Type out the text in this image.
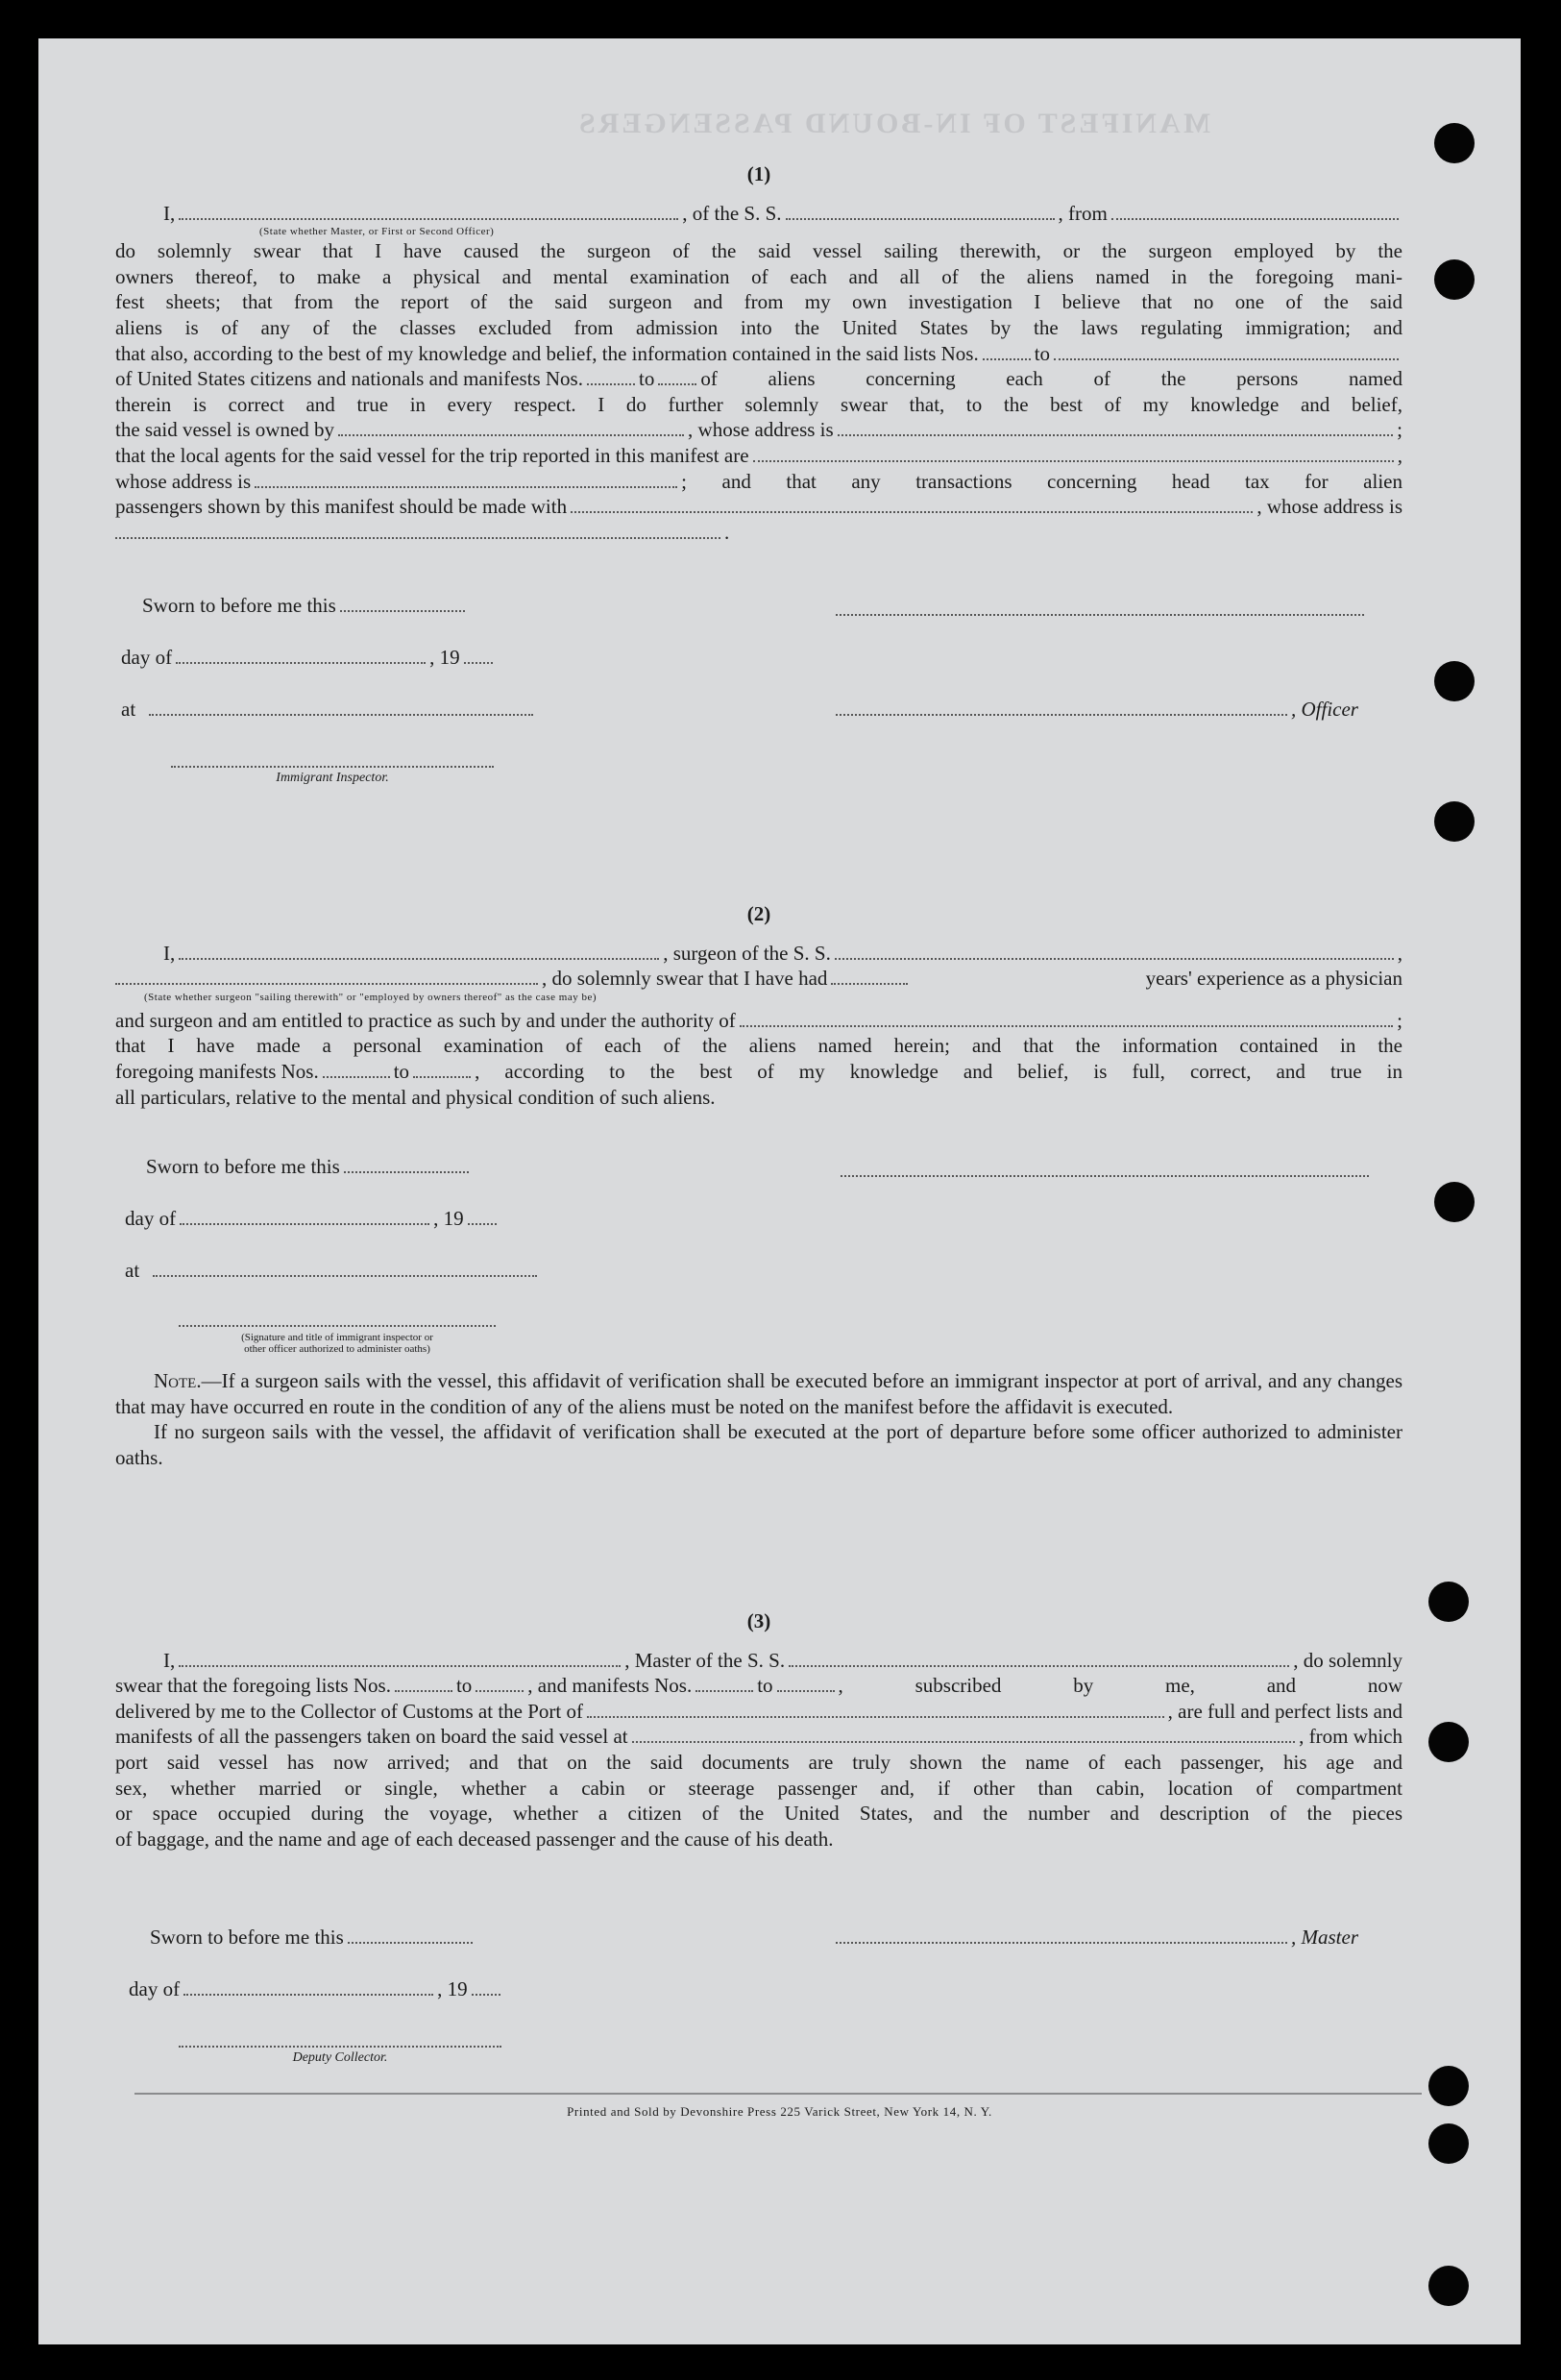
MANIFEST OF IN-BOUND PASSENGERS
(1)
I,	, of the S. S.	, from
(State whether Master, or First or Second Officer)
do solemnly swear that I have caused the surgeon of the said vessel sailing therewith, or the surgeon employed by the
owners thereof, to make a physical and mental examination of each and all of the aliens named in the foregoing mani-
fest sheets; that from the report of the said surgeon and from my own investigation I believe that no one of the said
aliens is of any of the classes excluded from admission into the United States by the laws regulating immigration; and
that also, according to the best of my knowledge and belief, the information contained in the said lists Nos.	to
of United States citizens and nationals and manifests Nos.	to of aliens concerning each of the persons named
therein is correct and true in every respect. I do further solemnly swear that, to the best of my knowledge and belief,
the said vessel is owned by	, whose address is	;
that the local agents for the said vessel for the trip reported in this manifest are	,
whose address is	; and that any transactions concerning head tax for alien
passengers shown by this manifest should be made with	, whose address is
.
Sworn to before me this
day of	, 19
at	, Officer
Immigrant Inspector.
(2)
I,	, surgeon of the S. S.	,
, do solemnly swear that I have had	years' experience as a physician
(State whether surgeon "sailing therewith" or "employed by owners thereof" as the case may be)
and surgeon and am entitled to practice as such by and under the authority of	;
that I have made a personal examination of each of the aliens named herein; and that the information contained in the
foregoing manifests Nos.	to	, according to the best of my knowledge and belief, is full, correct, and true in
all particulars, relative to the mental and physical condition of such aliens.
Sworn to before me this
day of	, 19
at
(Signature and title of immigrant inspector or
other officer authorized to administer oaths)
Note.—If a surgeon sails with the vessel, this affidavit of verification shall be executed before an immigrant inspector at port of arrival, and any changes that may have occurred en route in the condition of any of the aliens must be noted on the manifest before the affidavit is executed.
If no surgeon sails with the vessel, the affidavit of verification shall be executed at the port of departure before some officer authorized to administer oaths.
(3)
I,	, Master of the S. S.	, do solemnly
swear that the foregoing lists Nos.	to	, and manifests Nos.	to	, subscribed by me, and now
delivered by me to the Collector of Customs at the Port of	, are full and perfect lists and
manifests of all the passengers taken on board the said vessel at	, from which
port said vessel has now arrived; and that on the said documents are truly shown the name of each passenger, his age and
sex, whether married or single, whether a cabin or steerage passenger and, if other than cabin, location of compartment
or space occupied during the voyage, whether a citizen of the United States, and the number and description of the pieces
of baggage, and the name and age of each deceased passenger and the cause of his death.
Sworn to before me this	, Master
day of	, 19
Deputy Collector.
Printed and Sold by Devonshire Press 225 Varick Street, New York 14, N. Y.
